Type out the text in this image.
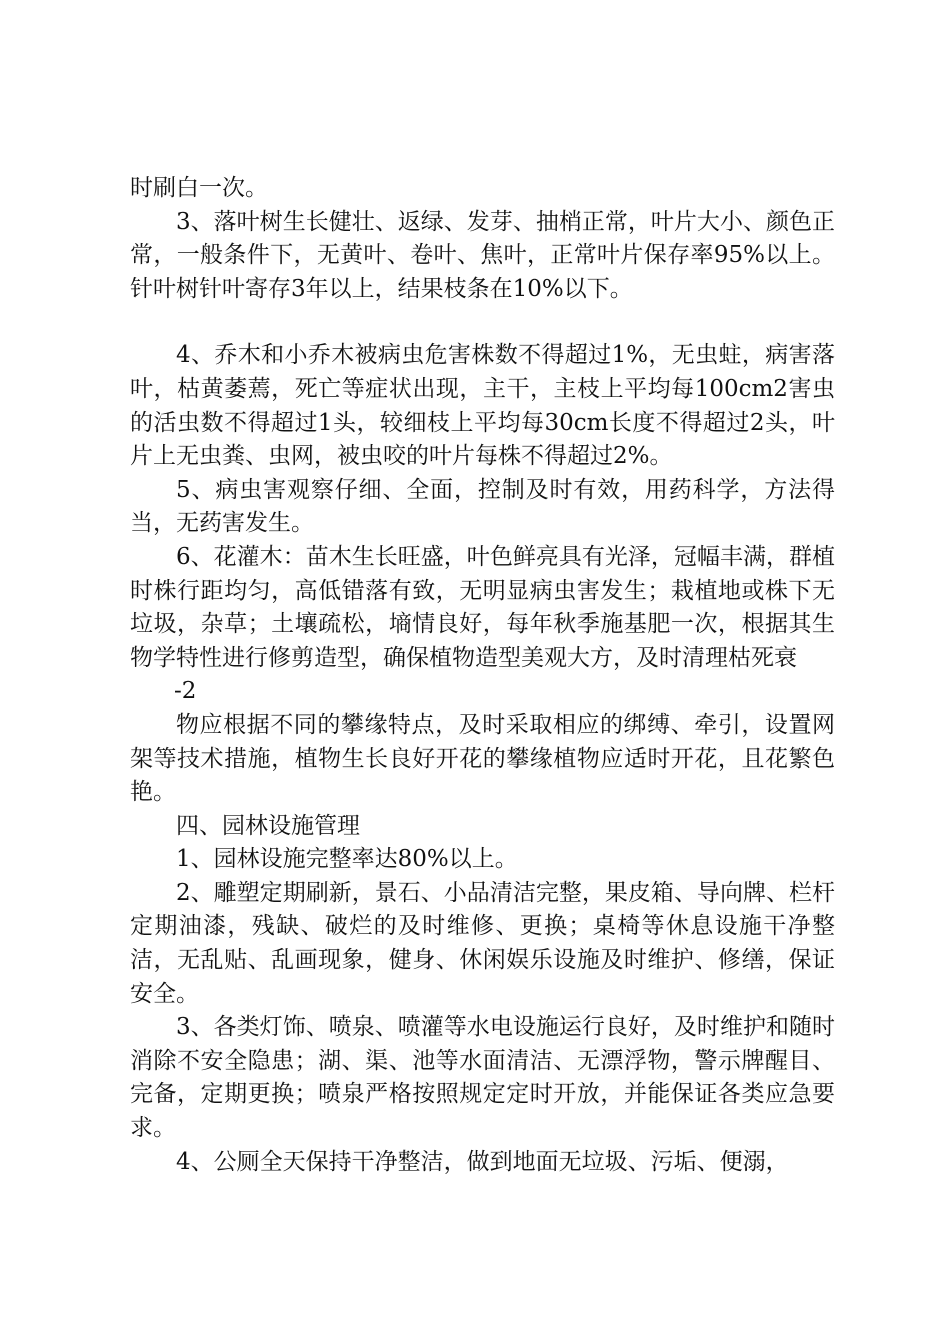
时刷白一次。

3、落叶树生长健壮、返绿、发芽、抽梢正常，叶片大小、颜色正常，一般条件下，无黄叶、卷叶、焦叶，正常叶片保存率95%以上。针叶树针叶寄存3年以上，结果枝条在10%以下。

4、乔木和小乔木被病虫危害株数不得超过1%，无虫蛀，病害落叶，枯黄萎蔫，死亡等症状出现，主干，主枝上平均每100cm2害虫的活虫数不得超过1头，较细枝上平均每30cm长度不得超过2头，叶片上无虫粪、虫网，被虫咬的叶片每株不得超过2%。

5、病虫害观察仔细、全面，控制及时有效，用药科学，方法得当，无药害发生。

6、花灌木：苗木生长旺盛，叶色鲜亮具有光泽，冠幅丰满，群植时株行距均匀，高低错落有致，无明显病虫害发生；栽植地或株下无垃圾，杂草；土壤疏松，墒情良好，每年秋季施基肥一次，根据其生物学特性进行修剪造型，确保植物造型美观大方，及时清理枯死衰

-2

物应根据不同的攀缘特点，及时采取相应的绑缚、牵引，设置网架等技术措施，植物生长良好开花的攀缘植物应适时开花，且花繁色艳。

四、园林设施管理

1、园林设施完整率达80%以上。

2、雕塑定期刷新，景石、小品清洁完整，果皮箱、导向牌、栏杆定期油漆，残缺、破烂的及时维修、更换；桌椅等休息设施干净整洁，无乱贴、乱画现象，健身、休闲娱乐设施及时维护、修缮，保证安全。

3、各类灯饰、喷泉、喷灌等水电设施运行良好，及时维护和随时消除不安全隐患；湖、渠、池等水面清洁、无漂浮物，警示牌醒目、完备，定期更换；喷泉严格按照规定定时开放，并能保证各类应急要求。

4、公厕全天保持干净整洁，做到地面无垃圾、污垢、便溺，
